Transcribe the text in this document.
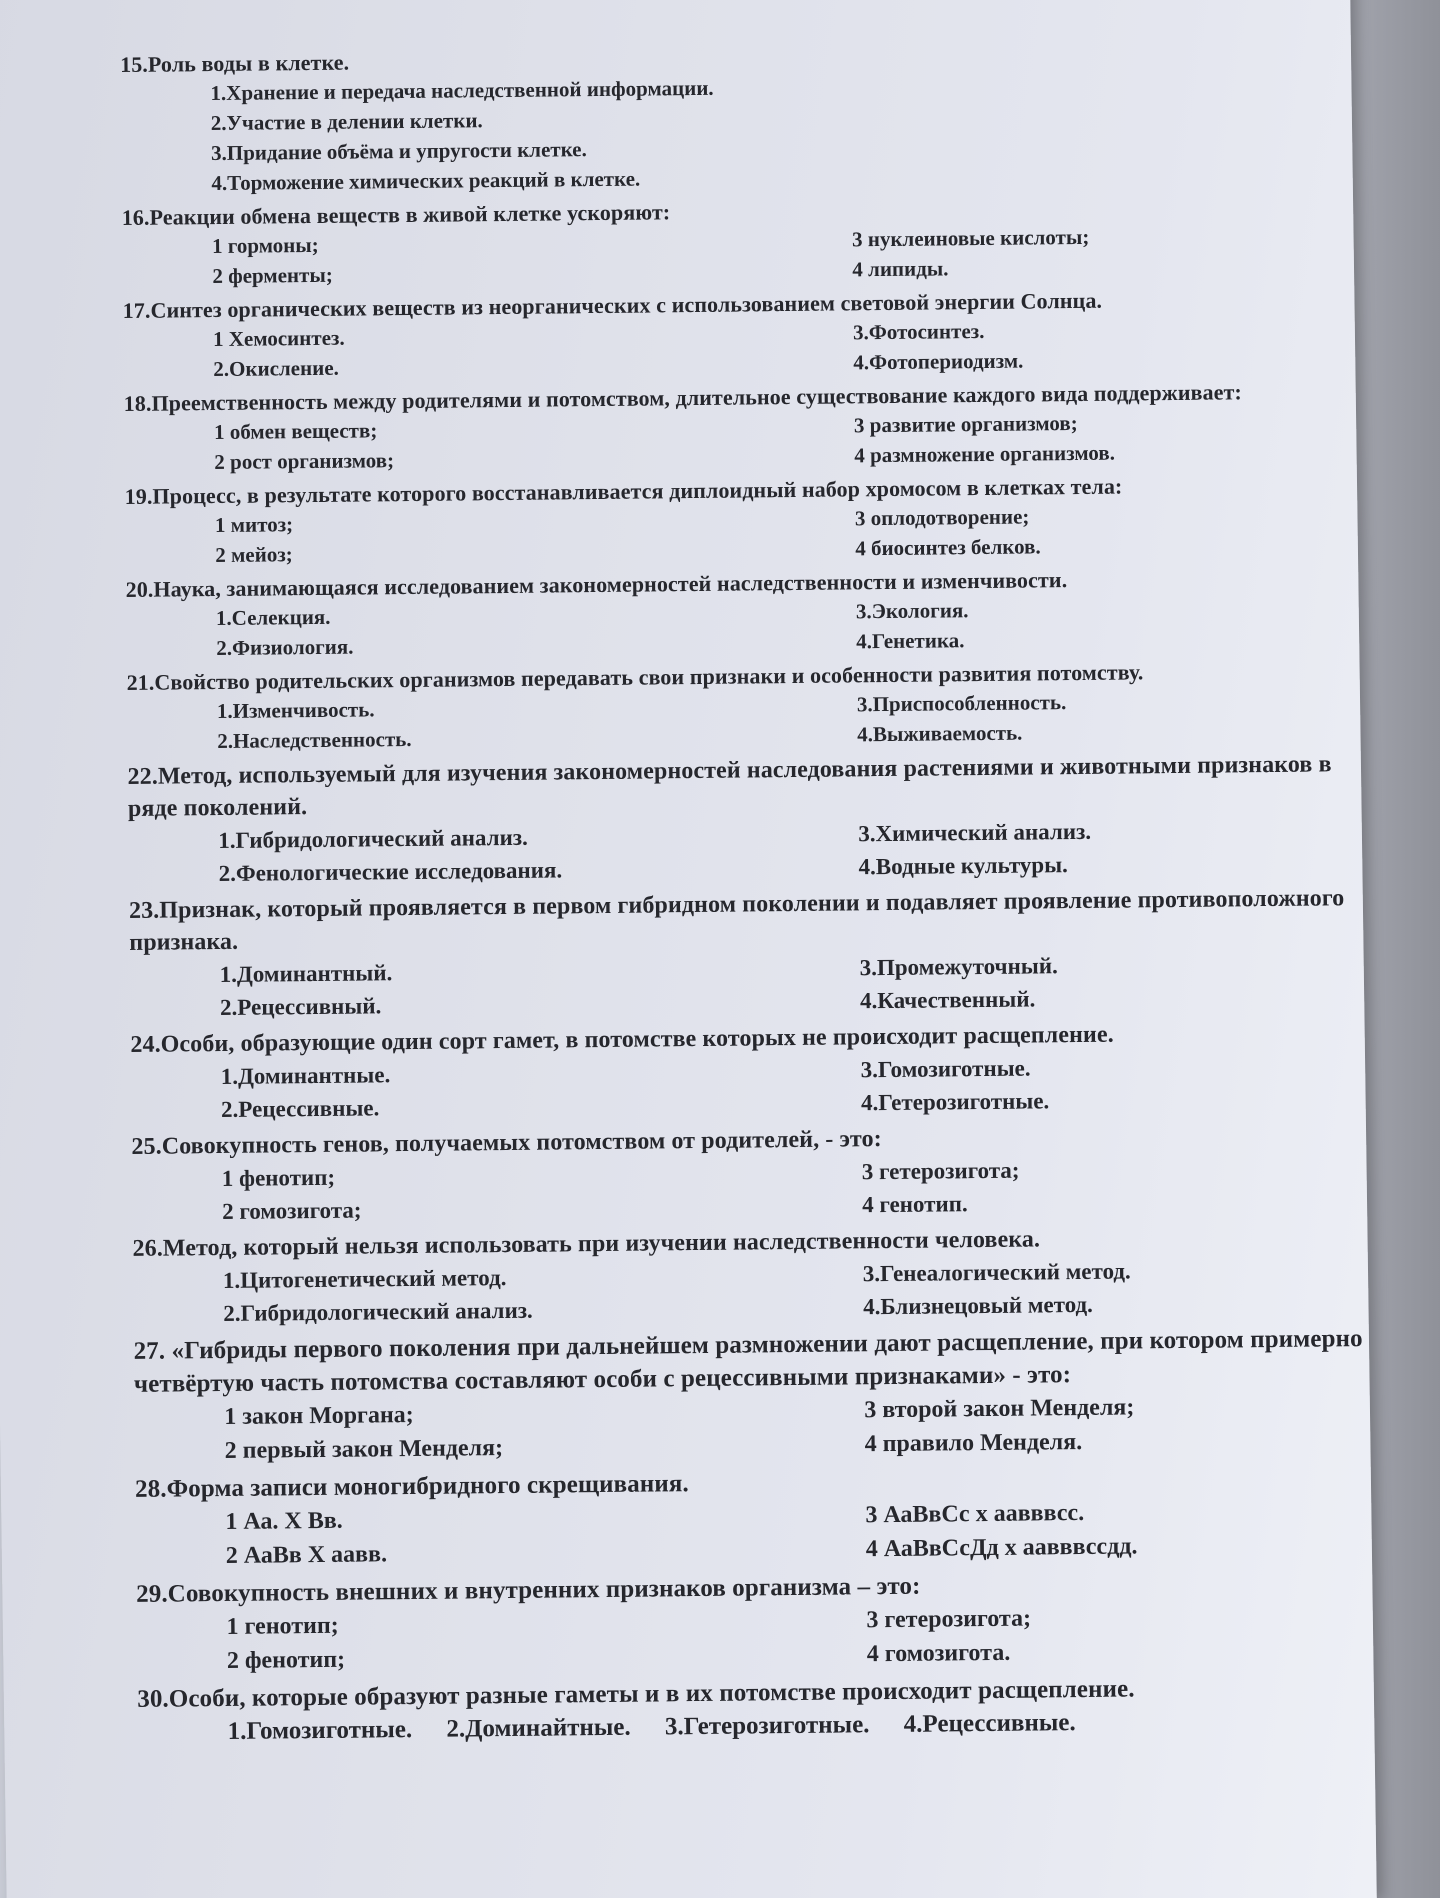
15.Роль воды в клетке.

1.Хранение и передача наследственной информации.
2.Участие в делении клетки.
3.Придание объёма и упругости клетке.
4.Торможение химических реакций в клетке.

16.Реакции обмена веществ в живой клетке ускоряют:

1 гормоны;	3 нуклеиновые кислоты;
2 ферменты;	4 липиды.

17.Синтез органических веществ из неорганических с использованием световой энергии Солнца.

1 Хемосинтез.	3.Фотосинтез.
2.Окисление.	4.Фотопериодизм.

18.Преемственность между родителями и потомством, длительное существование каждого вида поддерживает:

1 обмен веществ;	3 развитие организмов;
2 рост организмов;	4 размножение организмов.

19.Процесс, в результате которого восстанавливается диплоидный набор хромосом в клетках тела:

1 митоз;	3 оплодотворение;
2 мейоз;	4 биосинтез белков.

20.Наука, занимающаяся исследованием закономерностей наследственности и изменчивости.

1.Селекция.	3.Экология.
2.Физиология.	4.Генетика.

21.Свойство родительских организмов передавать свои признаки и особенности развития потомству.

1.Изменчивость.	3.Приспособленность.
2.Наследственность.	4.Выживаемость.

22.Метод, используемый для изучения закономерностей наследования растениями и животными признаков в ряде поколений.

1.Гибридологический анализ.	3.Химический анализ.
2.Фенологические исследования.	4.Водные культуры.

23.Признак, который проявляется в первом гибридном поколении и подавляет проявление противоположного признака.

1.Доминантный.	3.Промежуточный.
2.Рецессивный.	4.Качественный.

24.Особи, образующие один сорт гамет, в потомстве которых не происходит расщепление.

1.Доминантные.	3.Гомозиготные.
2.Рецессивные.	4.Гетерозиготные.

25.Совокупность генов, получаемых потомством от родителей, - это:

1 фенотип;	3 гетерозигота;
2 гомозигота;	4 генотип.

26.Метод, который нельзя использовать при изучении наследственности человека.

1.Цитогенетический метод.	3.Генеалогический метод.
2.Гибридологический анализ.	4.Близнецовый метод.

27. «Гибриды первого поколения при дальнейшем размножении дают расщепление, при котором примерно четвёртую часть потомства составляют особи с рецессивными признаками» - это:

1 закон Моргана;	3 второй закон Менделя;
2 первый закон Менделя;	4 правило Менделя.

28.Форма записи моногибридного скрещивания.

1 Аа. Х Вв.	3 АаВвСс х аавввсс.
2 АаВв Х аавв.	4 АаВвСсДд х аавввсcдд.

29.Совокупность внешних и внутренних признаков организма – это:

1 генотип;	3 гетерозигота;
2 фенотип;	4 гомозигота.

30.Особи, которые образуют разные гаметы и в их потомстве происходит расщепление.

1.Гомозиготные. 2.Доминайтные. 3.Гетерозиготные. 4.Рецессивные.
